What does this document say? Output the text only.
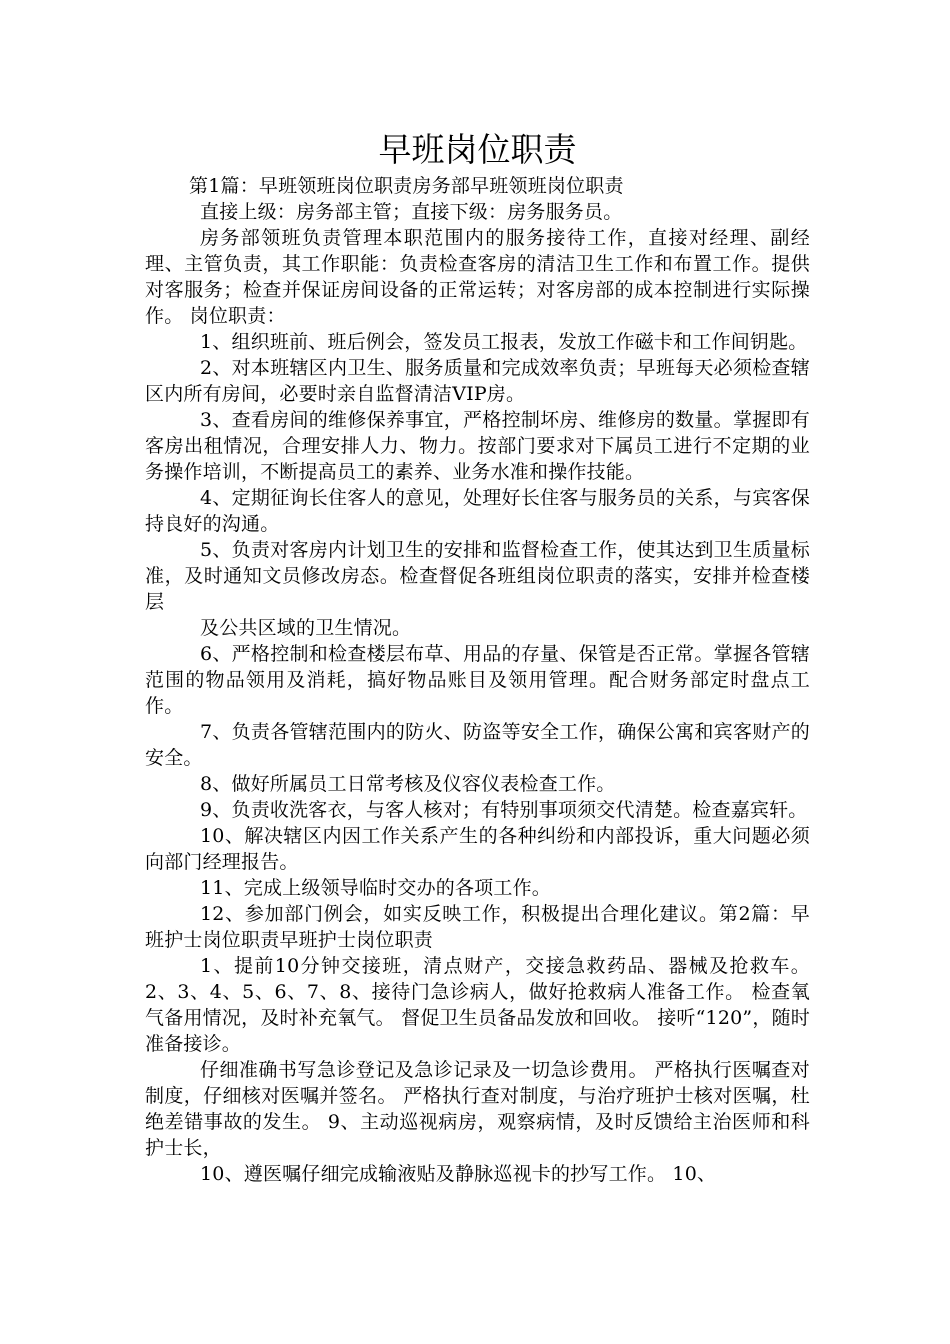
早班岗位职责

第1篇：早班领班岗位职责房务部早班领班岗位职责

直接上级：房务部主管；直接下级：房务服务员。

房务部领班负责管理本职范围内的服务接待工作，直接对经理、副经理、主管负责，其工作职能：负责检查客房的清洁卫生工作和布置工作。提供对客服务；检查并保证房间设备的正常运转；对客房部的成本控制进行实际操作。 岗位职责：

1、组织班前、班后例会，签发员工报表，发放工作磁卡和工作间钥匙。

2、对本班辖区内卫生、服务质量和完成效率负责；早班每天必须检查辖区内所有房间，必要时亲自监督清洁VIP房。

3、查看房间的维修保养事宜，严格控制坏房、维修房的数量。掌握即有客房出租情况，合理安排人力、物力。按部门要求对下属员工进行不定期的业务操作培训，不断提高员工的素养、业务水准和操作技能。

4、定期征询长住客人的意见，处理好长住客与服务员的关系，与宾客保持良好的沟通。

5、负责对客房内计划卫生的安排和监督检查工作，使其达到卫生质量标准，及时通知文员修改房态。检查督促各班组岗位职责的落实，安排并检查楼层

及公共区域的卫生情况。

6、严格控制和检查楼层布草、用品的存量、保管是否正常。掌握各管辖范围的物品领用及消耗，搞好物品账目及领用管理。配合财务部定时盘点工作。

7、负责各管辖范围内的防火、防盗等安全工作，确保公寓和宾客财产的安全。

8、做好所属员工日常考核及仪容仪表检查工作。

9、负责收洗客衣，与客人核对；有特别事项须交代清楚。检查嘉宾轩。

10、解决辖区内因工作关系产生的各种纠纷和内部投诉，重大问题必须向部门经理报告。

11、完成上级领导临时交办的各项工作。

12、参加部门例会，如实反映工作，积极提出合理化建议。第2篇：早班护士岗位职责早班护士岗位职责

1、提前10分钟交接班，清点财产，交接急救药品、器械及抢救车。 2、3、4、5、6、7、8、接待门急诊病人，做好抢救病人准备工作。 检查氧气备用情况，及时补充氧气。 督促卫生员备品发放和回收。 接听“120”，随时准备接诊。

仔细准确书写急诊登记及急诊记录及一切急诊费用。 严格执行医嘱查对制度，仔细核对医嘱并签名。 严格执行查对制度，与治疗班护士核对医嘱，杜绝差错事故的发生。 9、主动巡视病房，观察病情，及时反馈给主治医师和科护士长，

10、遵医嘱仔细完成输液贴及静脉巡视卡的抄写工作。 10、
